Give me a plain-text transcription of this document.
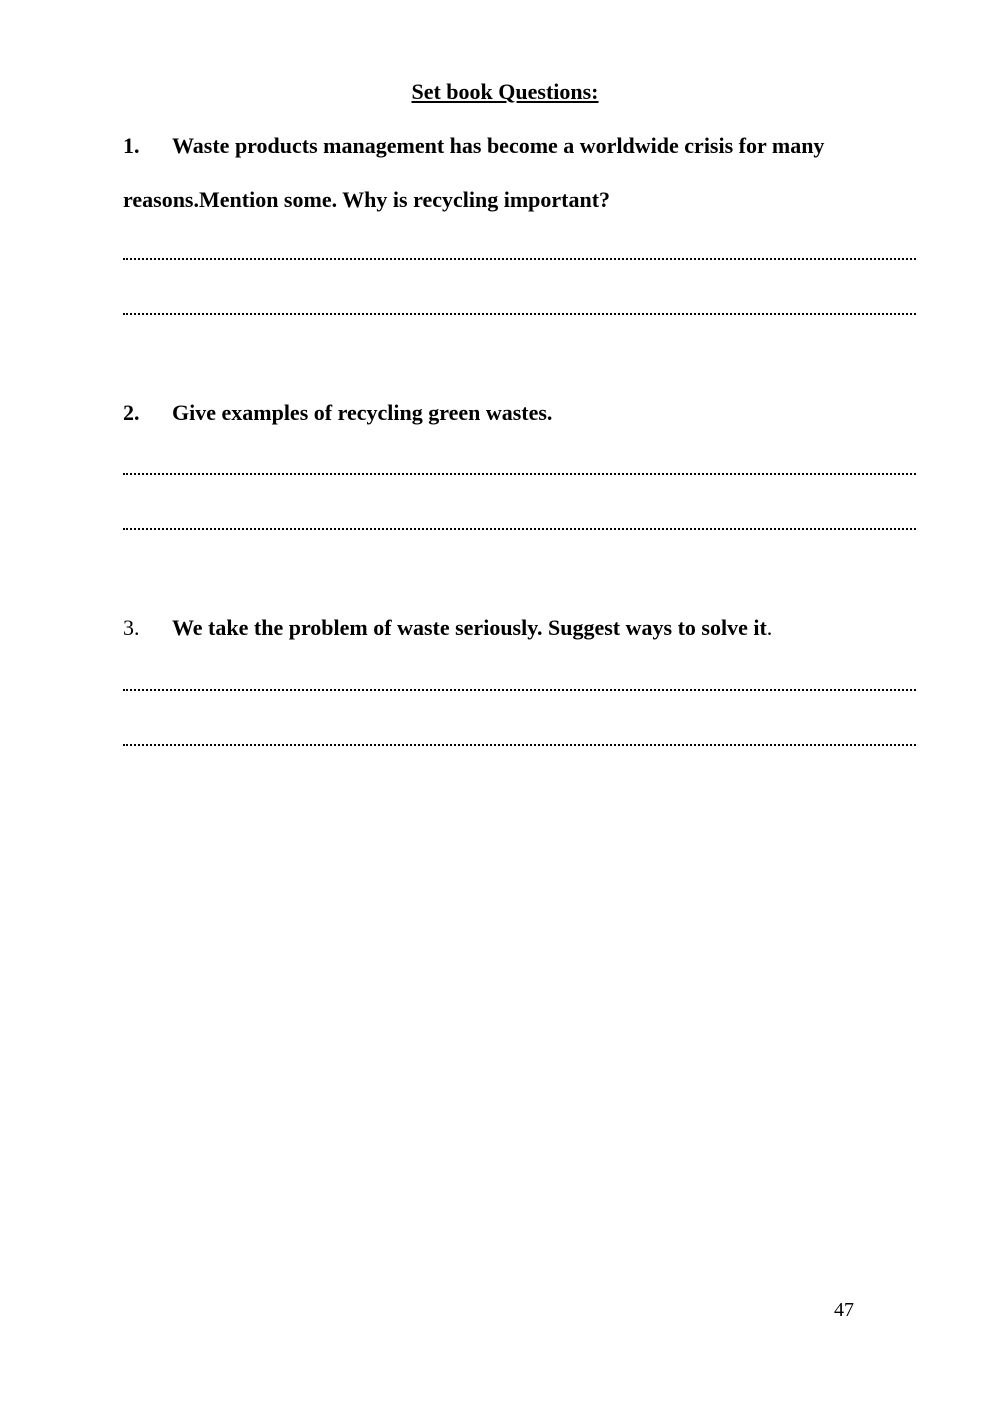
Set book Questions:
1. Waste products management has become a worldwide crisis for many
reasons.Mention some. Why is recycling important?
2. Give examples of recycling green wastes.
3. We take the problem of waste seriously. Suggest ways to solve it.
47
